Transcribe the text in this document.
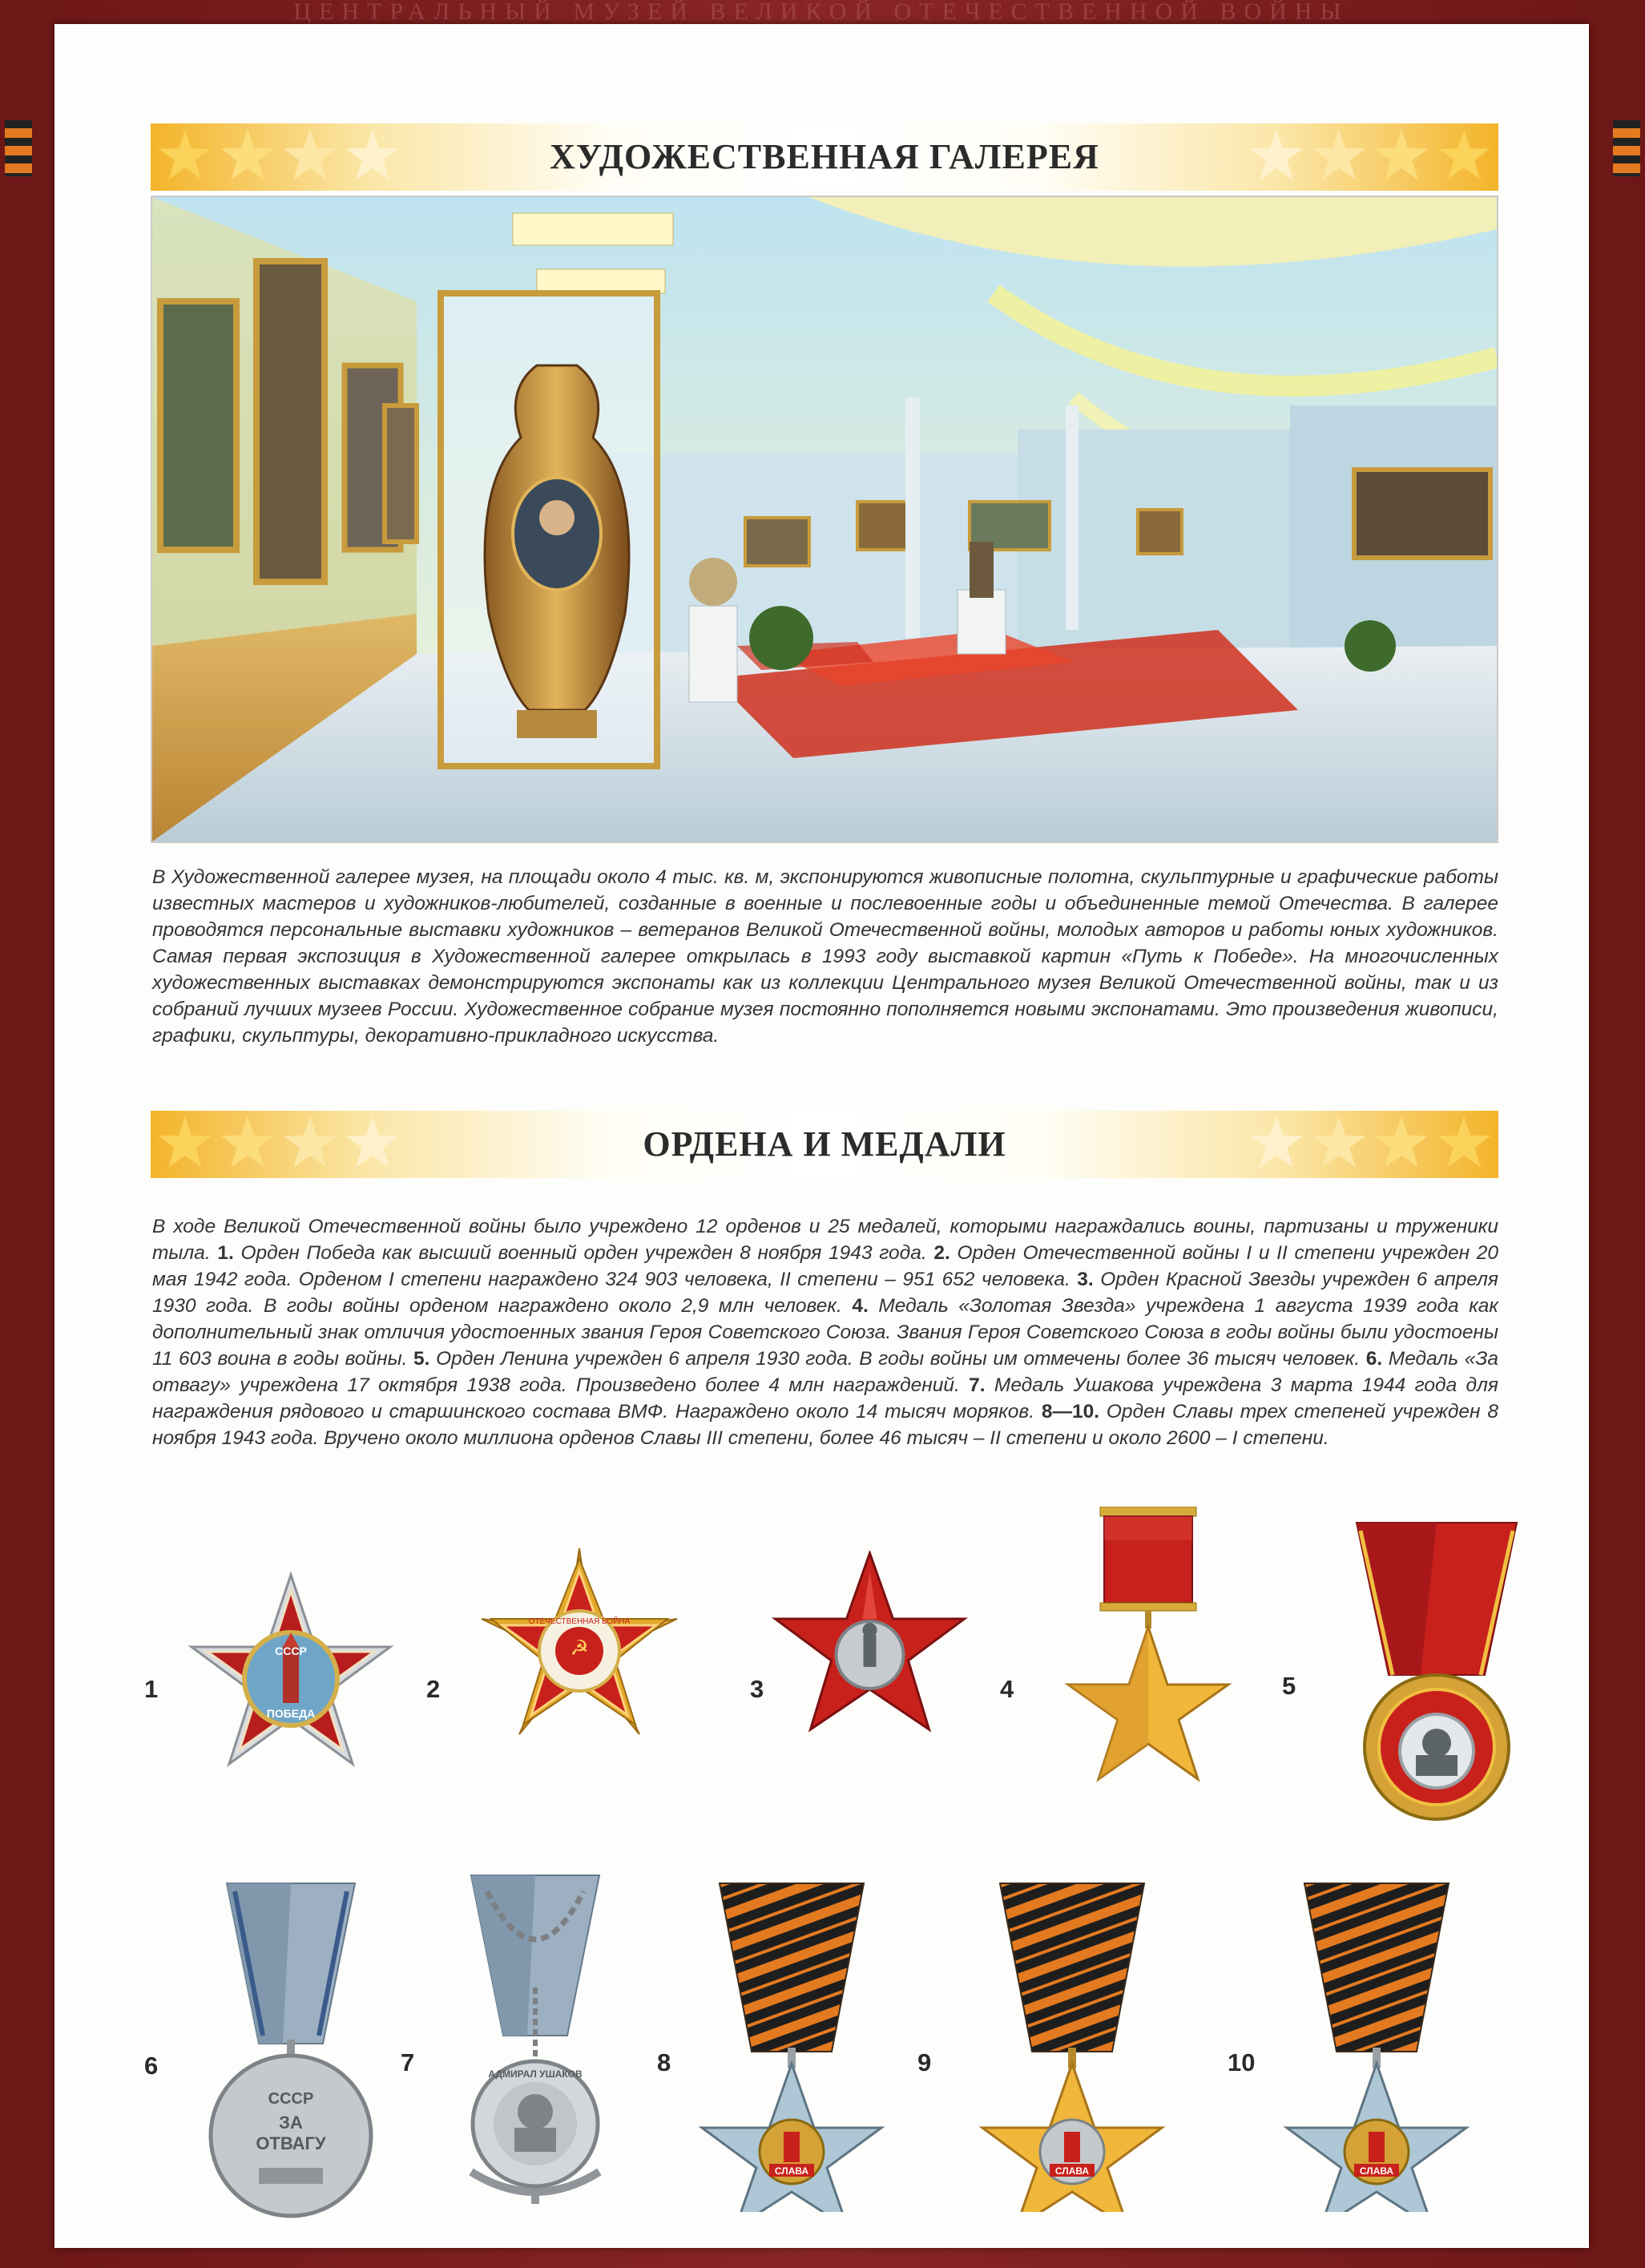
ЦЕНТРАЛЬНЫЙ МУЗЕЙ ВЕЛИКОЙ ОТЕЧЕСТВЕННОЙ ВОЙНЫ
ХУДОЖЕСТВЕННАЯ ГАЛЕРЕЯ

В Художественной галерее музея, на площади около 4 тыс. кв. м, экспонируются живописные полотна, скульптурные и графические работы известных мастеров и художников-любителей, созданные в военные и послевоенные годы и объединенные темой Отечества. В галерее проводятся персональные выставки художников – ветеранов Великой Отечественной войны, молодых авторов и работы юных художников. Самая первая экспозиция в Художественной галерее открылась в 1993 году выставкой картин «Путь к Победе». На многочисленных художественных выставках демонстрируются экспонаты как из коллекции Центрального музея Великой Отечественной войны, так и из собраний лучших музеев России. Художественное собрание музея постоянно пополняется новыми экспонатами. Это произведения живописи, графики, скульптуры, декоративно-прикладного искусства.

ОРДЕНА И МЕДАЛИ

В ходе Великой Отечественной войны было учреждено 12 орденов и 25 медалей, которыми награждались воины, партизаны и труженики тыла. 1. Орден Победа как высший военный орден учрежден 8 ноября 1943 года. 2. Орден Отечественной войны I и II степени учрежден 20 мая 1942 года. Орденом I степени награждено 324 903 человека, II степени – 951 652 человека. 3. Орден Красной Звезды учрежден 6 апреля 1930 года. В годы войны орденом награждено около 2,9 млн человек. 4. Медаль «Золотая Звезда» учреждена 1 августа 1939 года как дополнительный знак отличия удостоенных звания Героя Советского Союза. Звания Героя Советского Союза в годы войны были удостоены 11 603 воина в годы войны. 5. Орден Ленина учрежден 6 апреля 1930 года. В годы войны им отмечены более 36 тысяч человек. 6. Медаль «За отвагу» учреждена 17 октября 1938 года. Произведено более 4 млн награждений. 7. Медаль Ушакова учреждена 3 марта 1944 года для награждения рядового и старшинского состава ВМФ. Награждено около 14 тысяч моряков. 8—10. Орден Славы трех степеней учрежден 8 ноября 1943 года. Вручено около миллиона орденов Славы III степени, более 46 тысяч – II степени и около 2600 – I степени.

1	2	3	4	5
6	7	8	9	10
СССР
ПОБЕДА
☭
ОТЕЧЕСТВЕННАЯ ВОЙНА
ЛЕНИН
СССР
ЗА
ОТВАГУ
АДМИРАЛ УШАКОВ
СЛАВА	СЛАВА	СЛАВА
